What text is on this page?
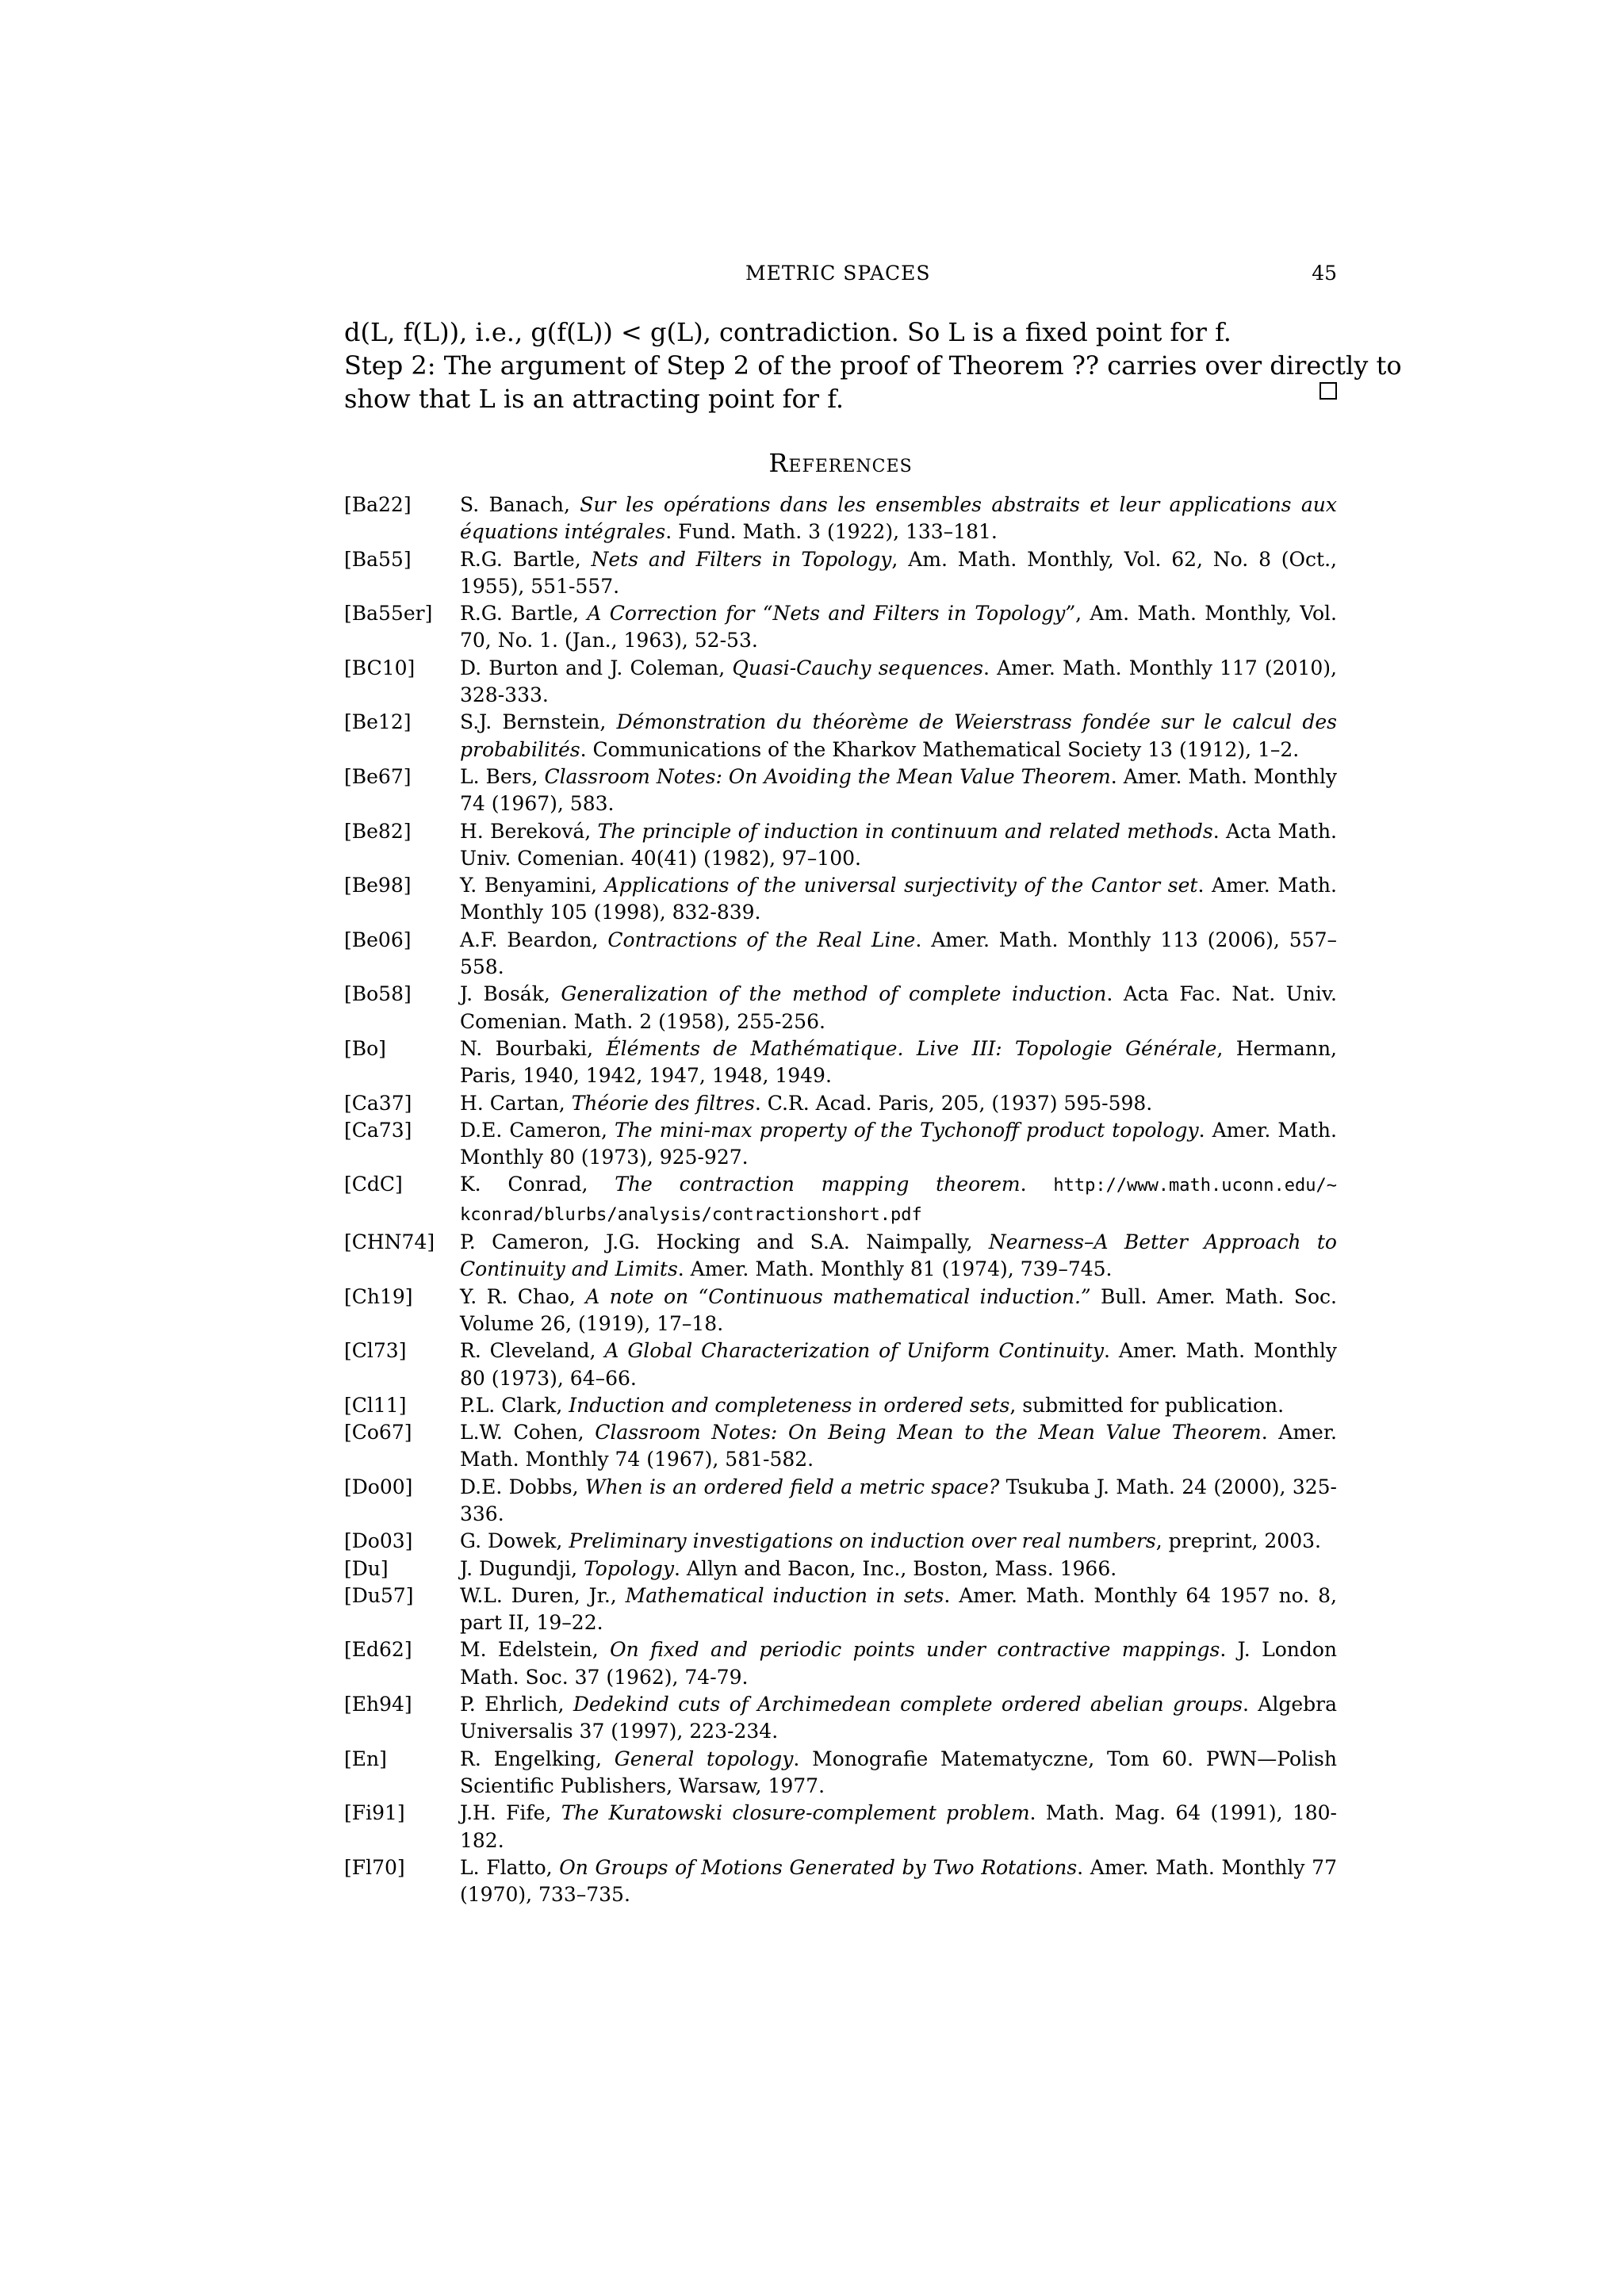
METRIC SPACES	45
d(L, f(L)), i.e., g(f(L)) < g(L), contradiction. So L is a fixed point for f.
Step 2: The argument of Step 2 of the proof of Theorem ?? carries over directly to
show that L is an attracting point for f.
References
[Ba22]	S. Banach, Sur les opérations dans les ensembles abstraits et leur applications aux équations intégrales. Fund. Math. 3 (1922), 133–181.
[Ba55]	R.G. Bartle, Nets and Filters in Topology, Am. Math. Monthly, Vol. 62, No. 8 (Oct., 1955), 551-557.
[Ba55er]	R.G. Bartle, A Correction for “Nets and Filters in Topology”, Am. Math. Monthly, Vol. 70, No. 1. (Jan., 1963), 52-53.
[BC10]	D. Burton and J. Coleman, Quasi-Cauchy sequences. Amer. Math. Monthly 117 (2010), 328-333.
[Be12]	S.J. Bernstein, Démonstration du théorème de Weierstrass fondée sur le calcul des probabilités. Communications of the Kharkov Mathematical Society 13 (1912), 1–2.
[Be67]	L. Bers, Classroom Notes: On Avoiding the Mean Value Theorem. Amer. Math. Monthly 74 (1967), 583.
[Be82]	H. Bereková, The principle of induction in continuum and related methods. Acta Math. Univ. Comenian. 40(41) (1982), 97–100.
[Be98]	Y. Benyamini, Applications of the universal surjectivity of the Cantor set. Amer. Math. Monthly 105 (1998), 832-839.
[Be06]	A.F. Beardon, Contractions of the Real Line. Amer. Math. Monthly 113 (2006), 557–558.
[Bo58]	J. Bosák, Generalization of the method of complete induction. Acta Fac. Nat. Univ. Comenian. Math. 2 (1958), 255-256.
[Bo]	N. Bourbaki, Éléments de Mathématique. Live III: Topologie Générale, Hermann, Paris, 1940, 1942, 1947, 1948, 1949.
[Ca37]	H. Cartan, Théorie des filtres. C.R. Acad. Paris, 205, (1937) 595-598.
[Ca73]	D.E. Cameron, The mini-max property of the Tychonoff product topology. Amer. Math. Monthly 80 (1973), 925-927.
[CdC]	K. Conrad, The contraction mapping theorem. http://www.math.uconn.edu/∼ kconrad/blurbs/analysis/contractionshort.pdf
[CHN74]	P. Cameron, J.G. Hocking and S.A. Naimpally, Nearness–A Better Approach to Continuity and Limits. Amer. Math. Monthly 81 (1974), 739–745.
[Ch19]	Y. R. Chao, A note on “Continuous mathematical induction.” Bull. Amer. Math. Soc. Volume 26, (1919), 17–18.
[Cl73]	R. Cleveland, A Global Characterization of Uniform Continuity. Amer. Math. Monthly 80 (1973), 64–66.
[Cl11]	P.L. Clark, Induction and completeness in ordered sets, submitted for publication.
[Co67]	L.W. Cohen, Classroom Notes: On Being Mean to the Mean Value Theorem. Amer. Math. Monthly 74 (1967), 581-582.
[Do00]	D.E. Dobbs, When is an ordered field a metric space? Tsukuba J. Math. 24 (2000), 325-336.
[Do03]	G. Dowek, Preliminary investigations on induction over real numbers, preprint, 2003.
[Du]	J. Dugundji, Topology. Allyn and Bacon, Inc., Boston, Mass. 1966.
[Du57]	W.L. Duren, Jr., Mathematical induction in sets. Amer. Math. Monthly 64 1957 no. 8, part II, 19–22.
[Ed62]	M. Edelstein, On fixed and periodic points under contractive mappings. J. London Math. Soc. 37 (1962), 74-79.
[Eh94]	P. Ehrlich, Dedekind cuts of Archimedean complete ordered abelian groups. Algebra Universalis 37 (1997), 223-234.
[En]	R. Engelking, General topology. Monografie Matematyczne, Tom 60. PWN—Polish Scientific Publishers, Warsaw, 1977.
[Fi91]	J.H. Fife, The Kuratowski closure-complement problem. Math. Mag. 64 (1991), 180-182.
[Fl70]	L. Flatto, On Groups of Motions Generated by Two Rotations. Amer. Math. Monthly 77 (1970), 733–735.
